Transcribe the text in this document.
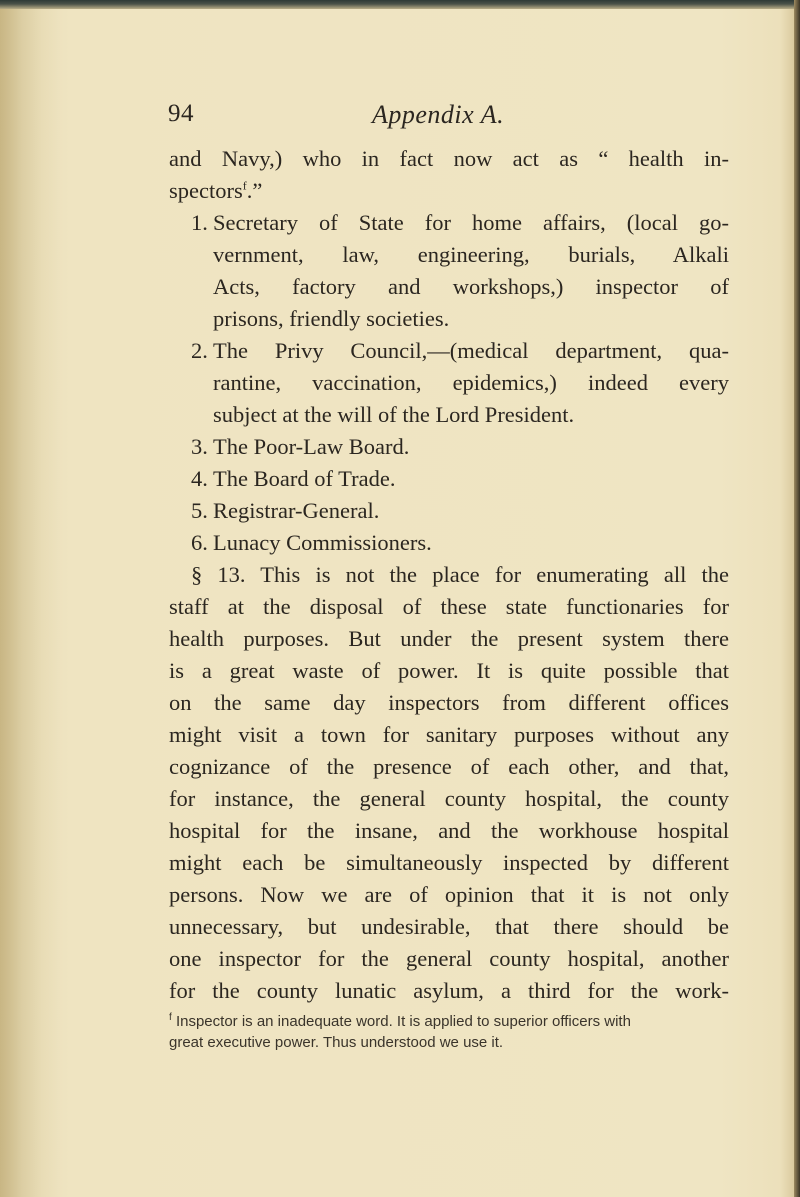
94	Appendix A.
and Navy,) who in fact now act as “ health in-
spectors$^f$.”
1. Secretary of State for home affairs, (local go-
vernment, law, engineering, burials, Alkali
Acts, factory and workshops,) inspector of
prisons, friendly societies.
2. The Privy Council,—(medical department, qua-
rantine, vaccination, epidemics,) indeed every
subject at the will of the Lord President.
3. The Poor-Law Board.
4. The Board of Trade.
5. Registrar-General.
6. Lunacy Commissioners.
§ 13. This is not the place for enumerating all the
staff at the disposal of these state functionaries for
health purposes. But under the present system there
is a great waste of power. It is quite possible that
on the same day inspectors from different offices
might visit a town for sanitary purposes without any
cognizance of the presence of each other, and that,
for instance, the general county hospital, the county
hospital for the insane, and the workhouse hospital
might each be simultaneously inspected by different
persons. Now we are of opinion that it is not only
unnecessary, but undesirable, that there should be
one inspector for the general county hospital, another
for the county lunatic asylum, a third for the work-
$^f$ Inspector is an inadequate word. It is applied to superior officers with
great executive power. Thus understood we use it.
